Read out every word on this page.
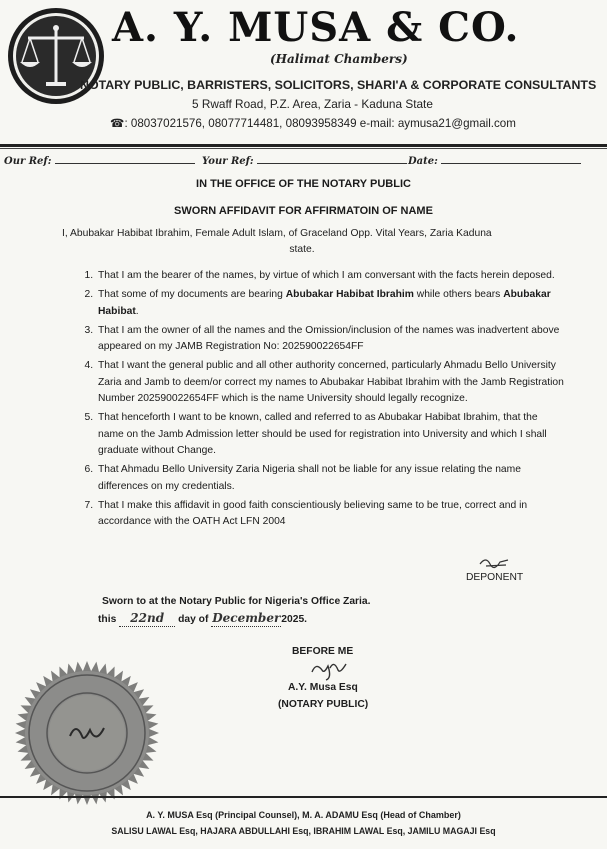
A. Y. MUSA & CO.
(Halimat Chambers)
NOTARY PUBLIC, BARRISTERS, SOLICITORS, SHARI'A & CORPORATE CONSULTANTS
5 Rwaff Road, P.Z. Area, Zaria - Kaduna State
☎: 08037021576, 08077714481, 08093958349 e-mail: aymusa21@gmail.com
Our Ref:	Your Ref:	Date:
IN THE OFFICE OF THE NOTARY PUBLIC
SWORN AFFIDAVIT FOR AFFIRMATOIN OF NAME
I, Abubakar Habibat Ibrahim, Female Adult Islam, of Graceland Opp. Vital Years, Zaria Kaduna
state.
1. That I am the bearer of the names, by virtue of which I am conversant with the facts herein deposed.
2. That some of my documents are bearing Abubakar Habibat Ibrahim while others bears Abubakar Habibat.
3. That I am the owner of all the names and the Omission/inclusion of the names was inadvertent above appeared on my JAMB Registration No: 202590022654FF
4. That I want the general public and all other authority concerned, particularly Ahmadu Bello University Zaria and Jamb to deem/or correct my names to Abubakar Habibat Ibrahim with the Jamb Registration Number 202590022654FF which is the name University should legally recognize.
5. That henceforth I want to be known, called and referred to as Abubakar Habibat Ibrahim, that the name on the Jamb Admission letter should be used for registration into University and which I shall graduate without Change.
6. That Ahmadu Bello University Zaria Nigeria shall not be liable for any issue relating the name differences on my credentials.
7. That I make this affidavit in good faith conscientiously believing same to be true, correct and in accordance with the OATH Act LFN 2004
DEPONENT
Sworn to at the Notary Public for Nigeria's Office Zaria.
this 22nd day of December2025.
BEFORE ME
A.Y. Musa Esq
(NOTARY PUBLIC)
A. Y. MUSA Esq (Principal Counsel), M. A. ADAMU Esq (Head of Chamber)
SALISU LAWAL Esq, HAJARA ABDULLAHI Esq, IBRAHIM LAWAL Esq, JAMILU MAGAJI Esq
